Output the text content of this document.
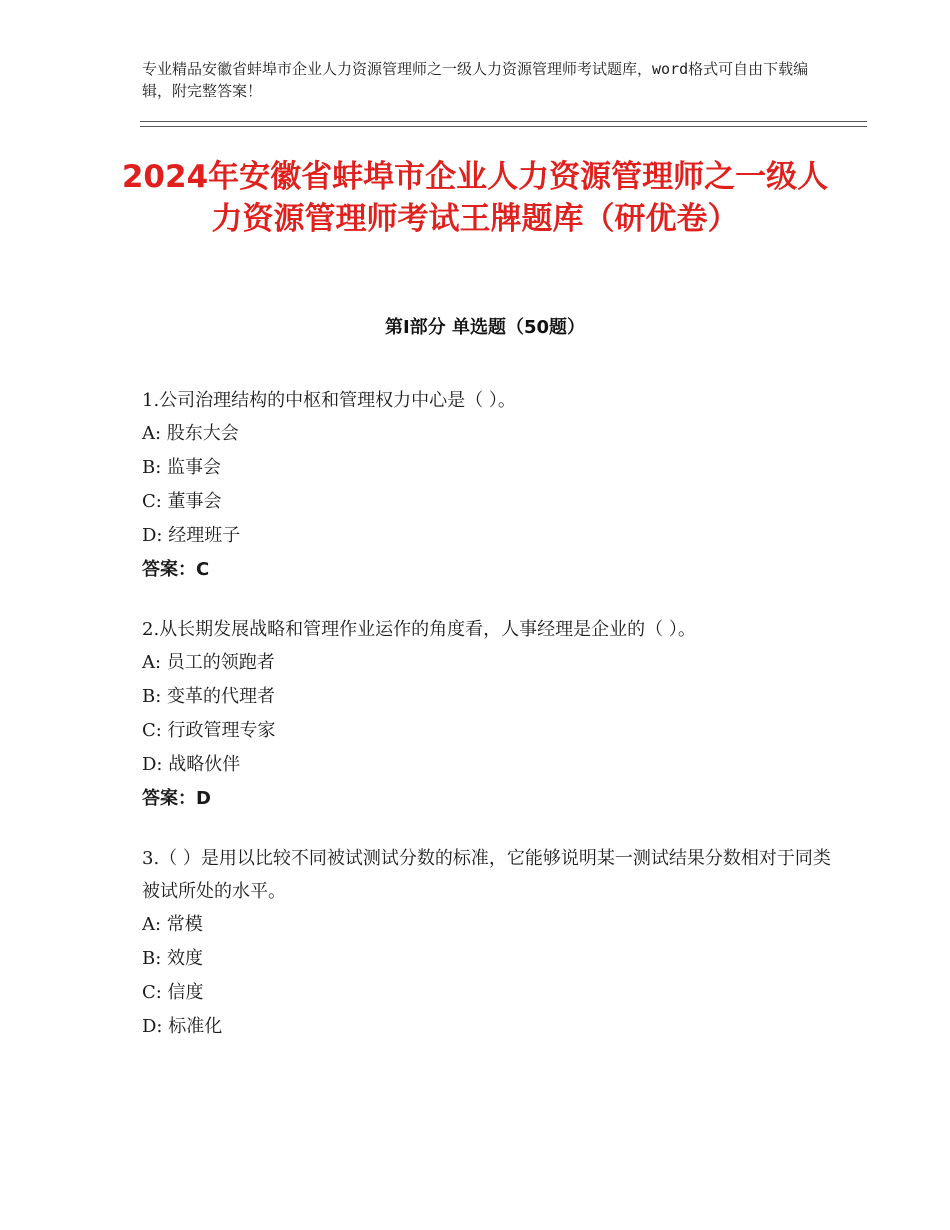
专业精品安徽省蚌埠市企业人力资源管理师之一级人力资源管理师考试题库，word格式可自由下载编辑，附完整答案！
2024年安徽省蚌埠市企业人力资源管理师之一级人力资源管理师考试王牌题库（研优卷）
第Ⅰ部分 单选题（50题）

1.公司治理结构的中枢和管理权力中心是（ ）。

A: 股东大会

B: 监事会

C: 董事会

D: 经理班子

答案：C

2.从长期发展战略和管理作业运作的角度看，人事经理是企业的（ ）。

A: 员工的领跑者

B: 变革的代理者

C: 行政管理专家

D: 战略伙伴

答案：D

3.（ ）是用以比较不同被试测试分数的标准，它能够说明某一测试结果分数相对于同类被试所处的水平。

A: 常模

B: 效度

C: 信度

D: 标准化
